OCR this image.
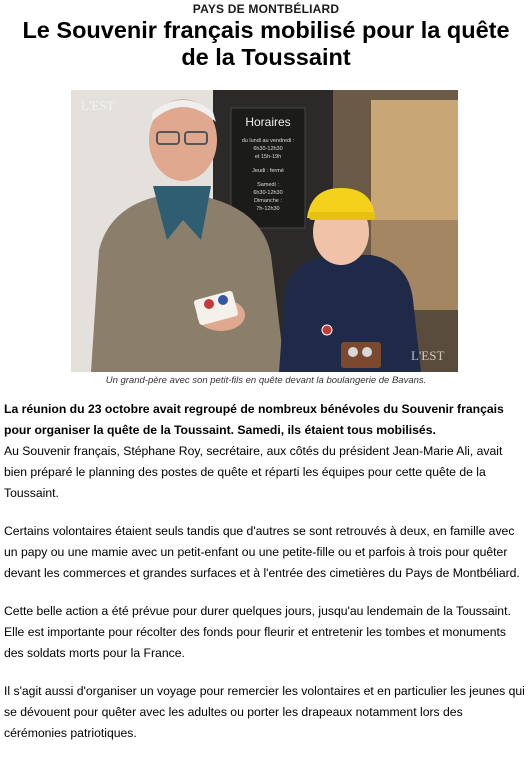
PAYS DE MONTBÉLIARD
Le Souvenir français mobilisé pour la quête de la Toussaint
Horaires
du lundi au vendredi :
6h30-12h30
et 15h-19h
Jeudi : fermé
Samedi :
6h30-12h30
Dimanche :
7h-12h30
L'EST
L'EST
Un grand-père avec son petit-fils en quête devant la boulangerie de Bavans.

La réunion du 23 octobre avait regroupé de nombreux bénévoles du Souvenir français pour organiser la quête de la Toussaint. Samedi, ils étaient tous mobilisés.

Au Souvenir français, Stéphane Roy, secrétaire, aux côtés du président Jean-Marie Ali, avait bien préparé le planning des postes de quête et réparti les équipes pour cette quête de la Toussaint.

Certains volontaires étaient seuls tandis que d'autres se sont retrouvés à deux, en famille avec un papy ou une mamie avec un petit-enfant ou une petite-fille ou et parfois à trois pour quêter devant les commerces et grandes surfaces et à l'entrée des cimetières du Pays de Montbéliard.

Cette belle action a été prévue pour durer quelques jours, jusqu'au lendemain de la Toussaint. Elle est importante pour récolter des fonds pour fleurir et entretenir les tombes et monuments des soldats morts pour la France.

Il s'agit aussi d'organiser un voyage pour remercier les volontaires et en particulier les jeunes qui se dévouent pour quêter avec les adultes ou porter les drapeaux notamment lors des cérémonies patriotiques.
